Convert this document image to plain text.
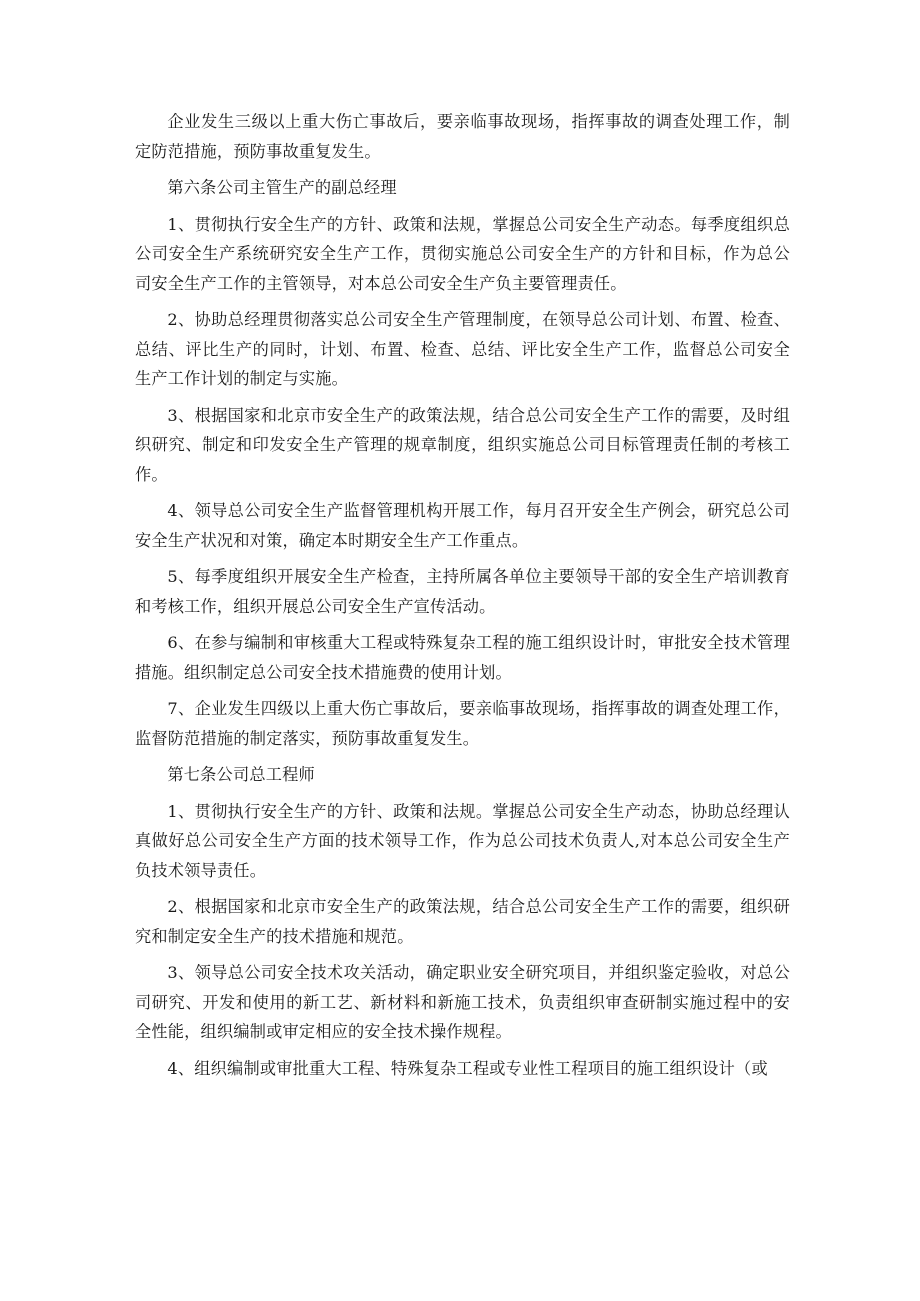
企业发生三级以上重大伤亡事故后，要亲临事故现场，指挥事故的调查处理工作，制定防范措施，预防事故重复发生。

第六条公司主管生产的副总经理

1、贯彻执行安全生产的方针、政策和法规，掌握总公司安全生产动态。每季度组织总公司安全生产系统研究安全生产工作，贯彻实施总公司安全生产的方针和目标，作为总公司安全生产工作的主管领导，对本总公司安全生产负主要管理责任。

2、协助总经理贯彻落实总公司安全生产管理制度，在领导总公司计划、布置、检查、总结、评比生产的同时，计划、布置、检查、总结、评比安全生产工作，监督总公司安全生产工作计划的制定与实施。

3、根据国家和北京市安全生产的政策法规，结合总公司安全生产工作的需要，及时组织研究、制定和印发安全生产管理的规章制度，组织实施总公司目标管理责任制的考核工作。

4、领导总公司安全生产监督管理机构开展工作，每月召开安全生产例会，研究总公司安全生产状况和对策，确定本时期安全生产工作重点。

5、每季度组织开展安全生产检查，主持所属各单位主要领导干部的安全生产培训教育和考核工作，组织开展总公司安全生产宣传活动。

6、在参与编制和审核重大工程或特殊复杂工程的施工组织设计时，审批安全技术管理措施。组织制定总公司安全技术措施费的使用计划。

7、企业发生四级以上重大伤亡事故后，要亲临事故现场，指挥事故的调查处理工作，监督防范措施的制定落实，预防事故重复发生。

第七条公司总工程师

1、贯彻执行安全生产的方针、政策和法规。掌握总公司安全生产动态，协助总经理认真做好总公司安全生产方面的技术领导工作，作为总公司技术负责人,对本总公司安全生产负技术领导责任。

2、根据国家和北京市安全生产的政策法规，结合总公司安全生产工作的需要，组织研究和制定安全生产的技术措施和规范。

3、领导总公司安全技术攻关活动，确定职业安全研究项目，并组织鉴定验收，对总公司研究、开发和使用的新工艺、新材料和新施工技术，负责组织审查研制实施过程中的安全性能，组织编制或审定相应的安全技术操作规程。

4、组织编制或审批重大工程、特殊复杂工程或专业性工程项目的施工组织设计（或
